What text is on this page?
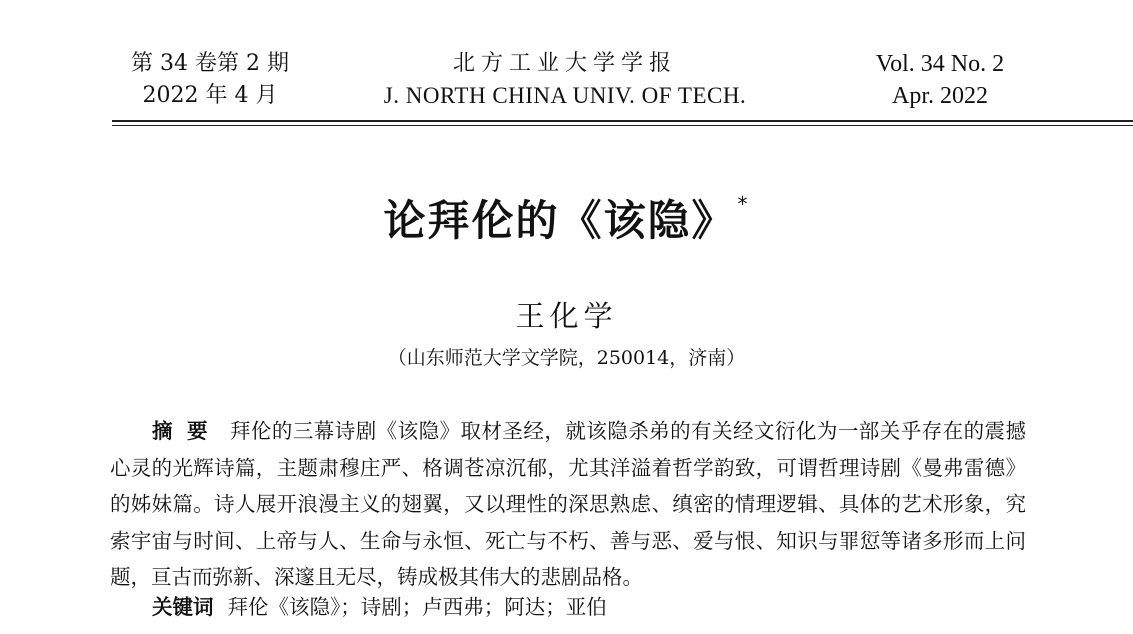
第 34 卷第 2 期
2022 年 4 月
北方工业大学学报
J. NORTH CHINA UNIV. OF TECH.
Vol. 34 No. 2
Apr. 2022
论拜伦的《该隐》 *
王化学
（山东师范大学文学院，250014，济南）
摘要 拜伦的三幕诗剧《该隐》取材圣经，就该隐杀弟的有关经文衍化为一部关乎存在的震撼心灵的光辉诗篇，主题肃穆庄严、格调苍凉沉郁，尤其洋溢着哲学韵致，可谓哲理诗剧《曼弗雷德》的姊妹篇。诗人展开浪漫主义的翅翼，又以理性的深思熟虑、缜密的情理逻辑、具体的艺术形象，究索宇宙与时间、上帝与人、生命与永恒、死亡与不朽、善与恶、爱与恨、知识与罪愆等诸多形而上问题，亘古而弥新、深邃且无尽，铸成极其伟大的悲剧品格。
关键词 拜伦《该隐》；诗剧；卢西弗；阿达；亚伯
